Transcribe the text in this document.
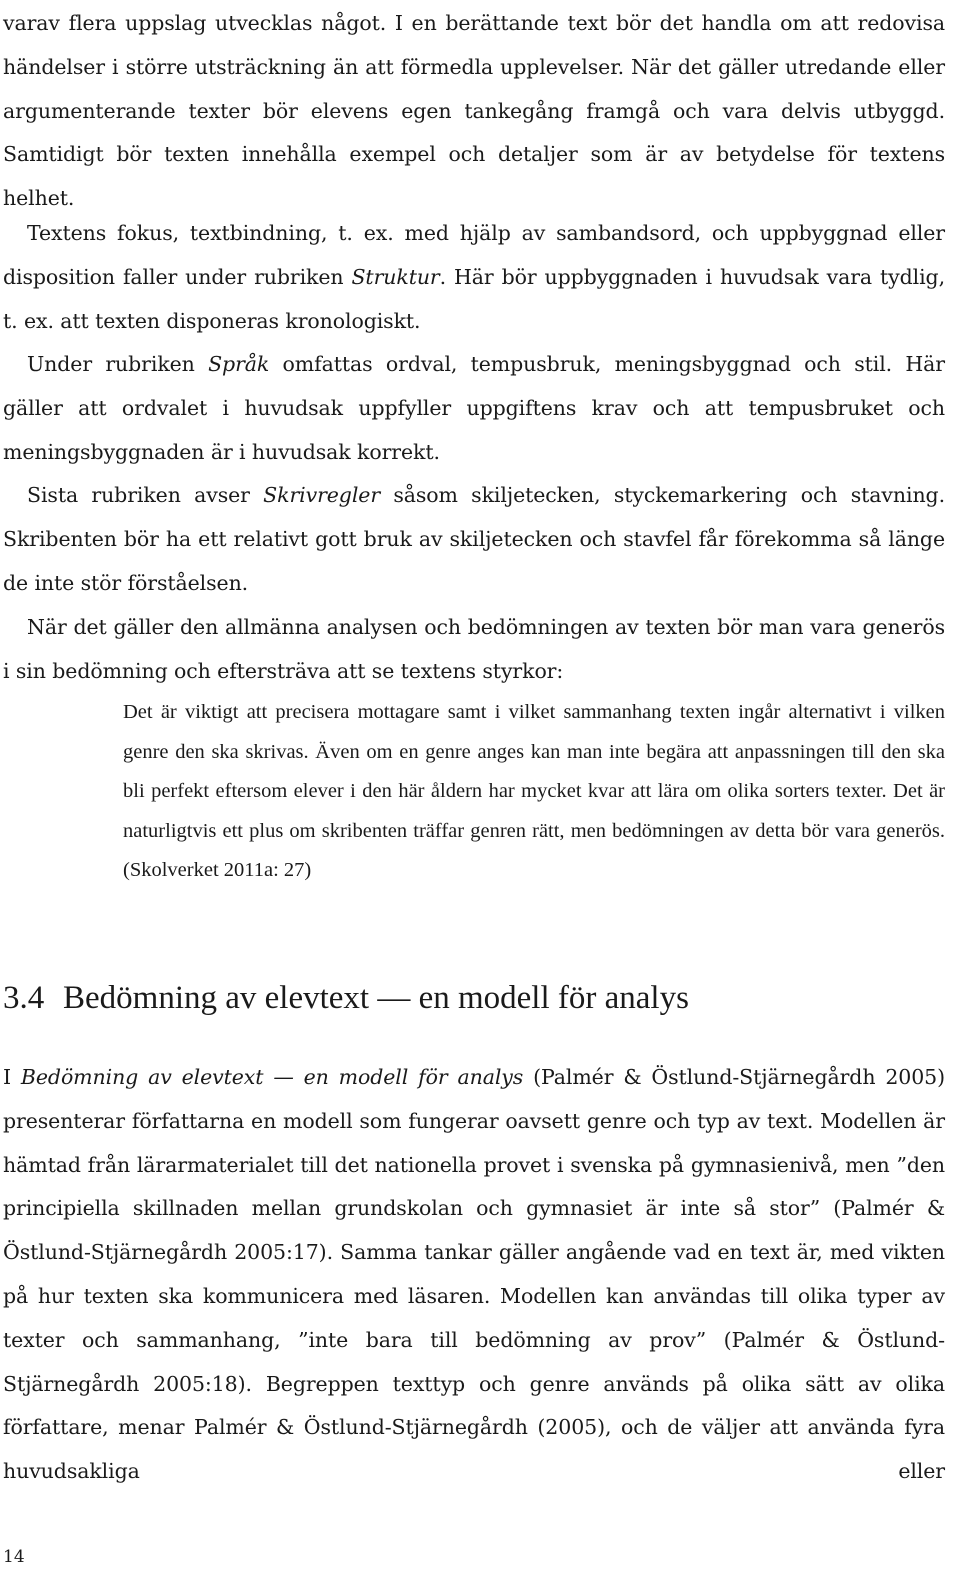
varav flera uppslag utvecklas något. I en berättande text bör det handla om att redovisa händelser i större utsträckning än att förmedla upplevelser. När det gäller utredande eller argumenterande texter bör elevens egen tankegång framgå och vara delvis utbyggd. Samtidigt bör texten innehålla exempel och detaljer som är av betydelse för textens helhet.

Textens fokus, textbindning, t. ex. med hjälp av sambandsord, och uppbyggnad eller disposition faller under rubriken Struktur. Här bör uppbyggnaden i huvudsak vara tydlig, t. ex. att texten disponeras kronologiskt.

Under rubriken Språk omfattas ordval, tempusbruk, meningsbyggnad och stil. Här gäller att ordvalet i huvudsak uppfyller uppgiftens krav och att tempusbruket och meningsbyggnaden är i huvudsak korrekt.

Sista rubriken avser Skrivregler såsom skiljetecken, styckemarkering och stavning. Skribenten bör ha ett relativt gott bruk av skiljetecken och stavfel får förekomma så länge de inte stör förståelsen.

När det gäller den allmänna analysen och bedömningen av texten bör man vara generös i sin bedömning och eftersträva att se textens styrkor:

Det är viktigt att precisera mottagare samt i vilket sammanhang texten ingår alternativt i vilken genre den ska skrivas. Även om en genre anges kan man inte begära att anpassningen till den ska bli perfekt eftersom elever i den här åldern har mycket kvar att lära om olika sorters texter. Det är naturligtvis ett plus om skribenten träffar genren rätt, men bedömningen av detta bör vara generös. (Skolverket 2011a: 27)

3.4 Bedömning av elevtext — en modell för analys

I Bedömning av elevtext — en modell för analys (Palmér & Östlund-Stjärnegårdh 2005) presenterar författarna en modell som fungerar oavsett genre och typ av text. Modellen är hämtad från lärarmaterialet till det nationella provet i svenska på gymnasienivå, men ”den principiella skillnaden mellan grundskolan och gymnasiet är inte så stor” (Palmér & Östlund-Stjärnegårdh 2005:17). Samma tankar gäller angående vad en text är, med vikten på hur texten ska kommunicera med läsaren. Modellen kan användas till olika typer av texter och sammanhang, ”inte bara till bedömning av prov” (Palmér & Östlund-Stjärnegårdh 2005:18). Begreppen texttyp och genre används på olika sätt av olika författare, menar Palmér & Östlund-Stjärnegårdh (2005), och de väljer att använda fyra huvudsakliga eller

14
